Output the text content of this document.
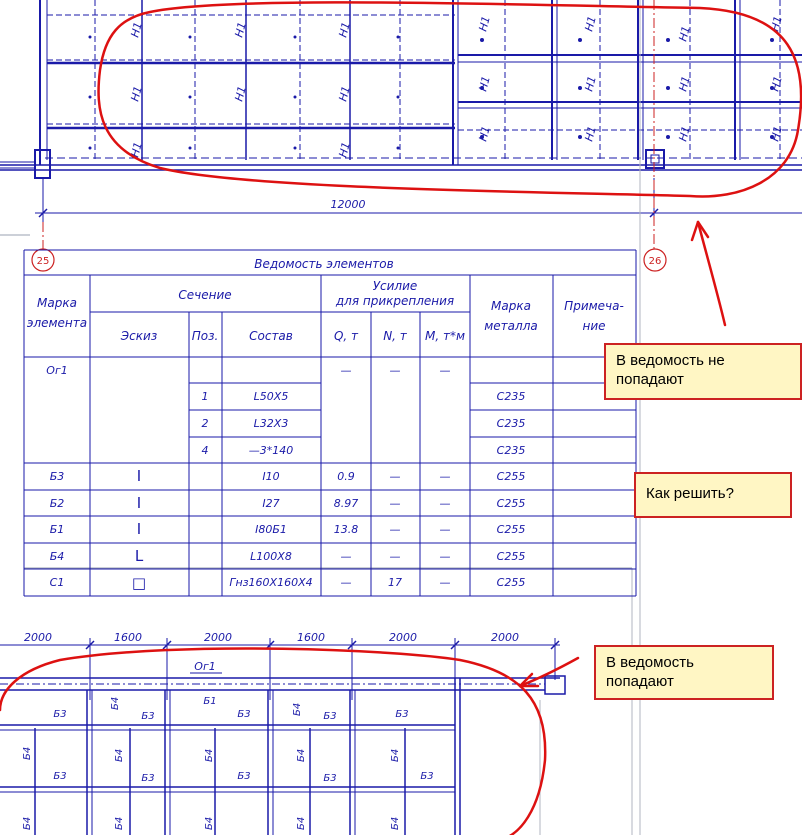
Н1	Н1	Н1
Н1	Н1	Н1
Н1	Н1
Н1	Н1
Н1
Н1
Н1	Н1	Н1	Н1
Н1	Н1	Н1	Н1
12000
25	26
Ведомость элементов
Марка элемента
Сечение
Эскиз	Поз.	Состав
Усилие для прикрепления
Q, т N, т M, т*м
Марка металла
Примеча-ние
Ог1	—	—	—
1	L50X5	С235
2	L32X3	С235
4	—3*140	С235
Б3	I	I10	0.9	—	—	С255
Б2	I	I27	8.97	—	—	С255
Б1	I	I80Б1	13.8	—	—	С255
Б4	L	L100X8	—	—	—	С255
С1	□	Гнз160X160X4	—	17	—	С255
2000	1600	2000	1600	2000	2000
Ог1
Б1
Б3	Б3	Б3	Б3	Б3
Б3	Б3	Б3	Б3	Б3
Б4	Б4
Б4	Б4	Б4	Б4	Б4
Б4	Б4	Б4	Б4	Б4
В ведомость не попадают
Как решить?
В ведомость попадают
